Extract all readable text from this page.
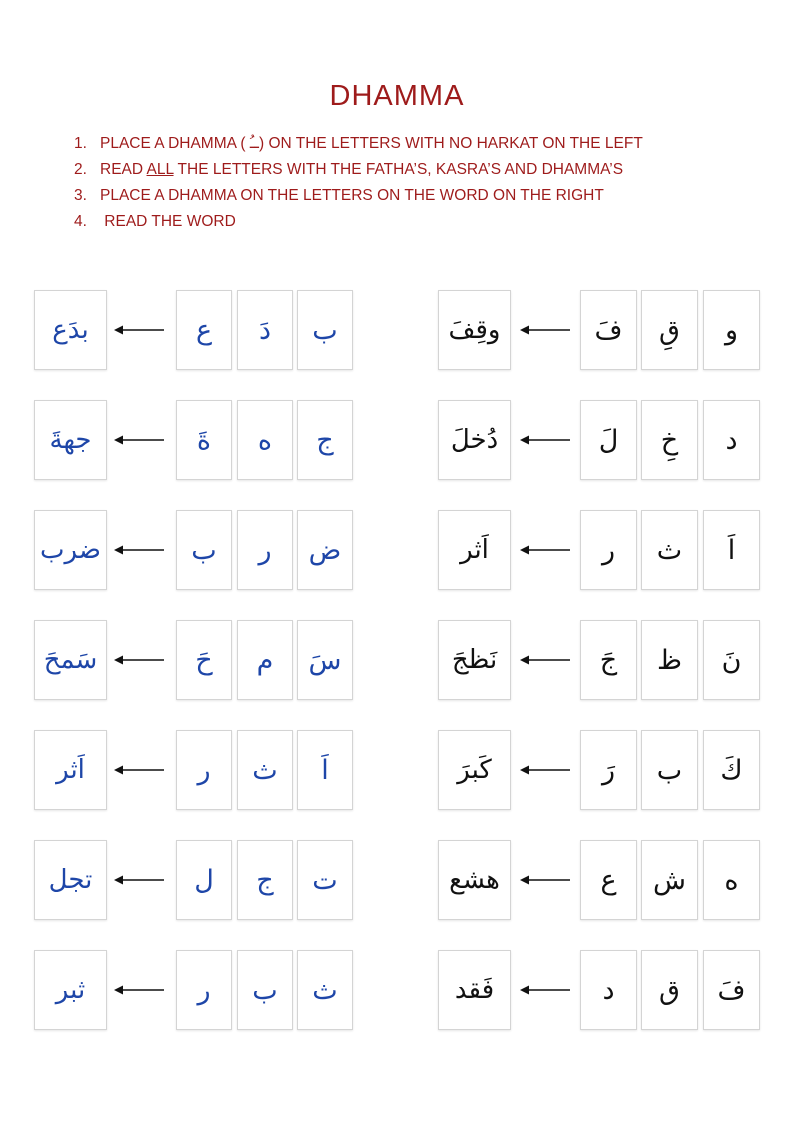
DHAMMA
1. PLACE A DHAMMA ( ــُ) ON THE LETTERS WITH NO HARKAT ON THE LEFT
2. READ ALL THE LETTERS WITH THE FATHA’S, KASRA’S AND DHAMMA’S
3. PLACE A DHAMMA ON THE LETTERS ON THE WORD ON THE RIGHT
4. READ THE WORD
ب
دَ
ع
بدَع
ج
ه
ةَ
جهةَ
ض
ر
ب
ضرب
سَ
م
حَ
سَمحَ
اَ
ث
ر
اَثر
ت
ج
ل
تجل
ث
ب
ر
ثبر
و
قِ
فَ
وقِفَ
د
خِ
لَ
دُخلَ
اَ
ث
ر
اَثر
نَ
ظ
جَ
نَظجَ
كَ
ب
رَ
كَبرَ
ه
ش
ع
هشع
فَ
ق
د
فَقد
